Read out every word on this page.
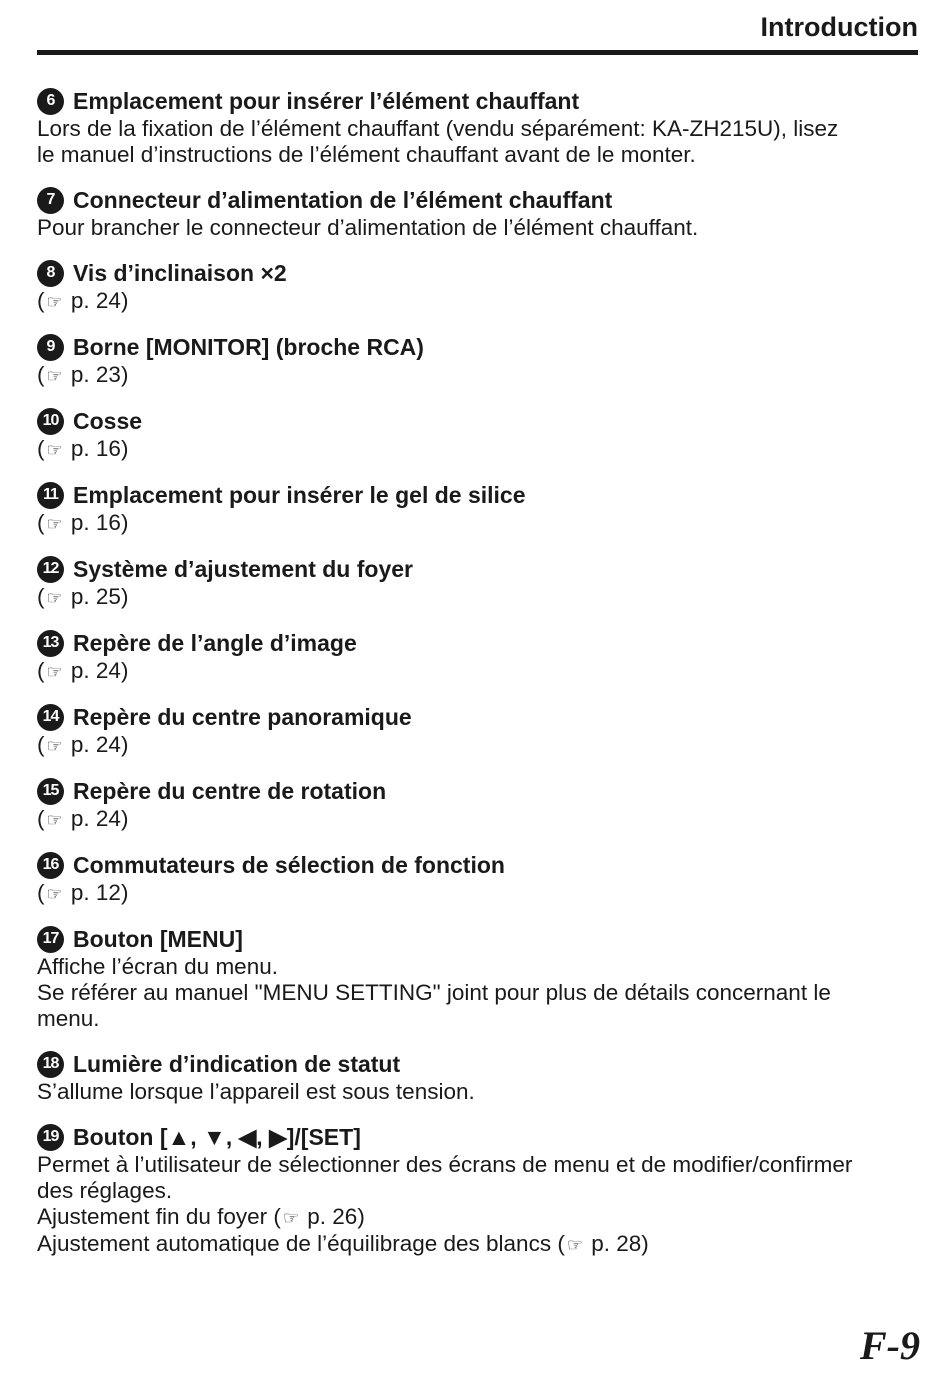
Introduction
6 Emplacement pour insérer l’élément chauffant
Lors de la fixation de l’élément chauffant (vendu séparément: KA-ZH215U), lisez
le manuel d’instructions de l’élément chauffant avant de le monter.
7 Connecteur d’alimentation de l’élément chauffant
Pour brancher le connecteur d’alimentation de l’élément chauffant.
8 Vis d’inclinaison ×2
( ☞ p. 24)
9 Borne [MONITOR] (broche RCA)
( ☞ p. 23)
10 Cosse
( ☞ p. 16)
11 Emplacement pour insérer le gel de silice
( ☞ p. 16)
12 Système d’ajustement du foyer
( ☞ p. 25)
13 Repère de l’angle d’image
( ☞ p. 24)
14 Repère du centre panoramique
( ☞ p. 24)
15 Repère du centre de rotation
( ☞ p. 24)
16 Commutateurs de sélection de fonction
( ☞ p. 12)
17 Bouton [MENU]
Affiche l’écran du menu.
Se référer au manuel "MENU SETTING" joint pour plus de détails concernant le
menu.
18 Lumière d’indication de statut
S’allume lorsque l’appareil est sous tension.
19 Bouton [▲, ▼, ◀, ▶]/[SET]
Permet à l’utilisateur de sélectionner des écrans de menu et de modifier/confirmer
des réglages.
Ajustement fin du foyer ( ☞ p. 26)
Ajustement automatique de l’équilibrage des blancs ( ☞ p. 28)
F-9
